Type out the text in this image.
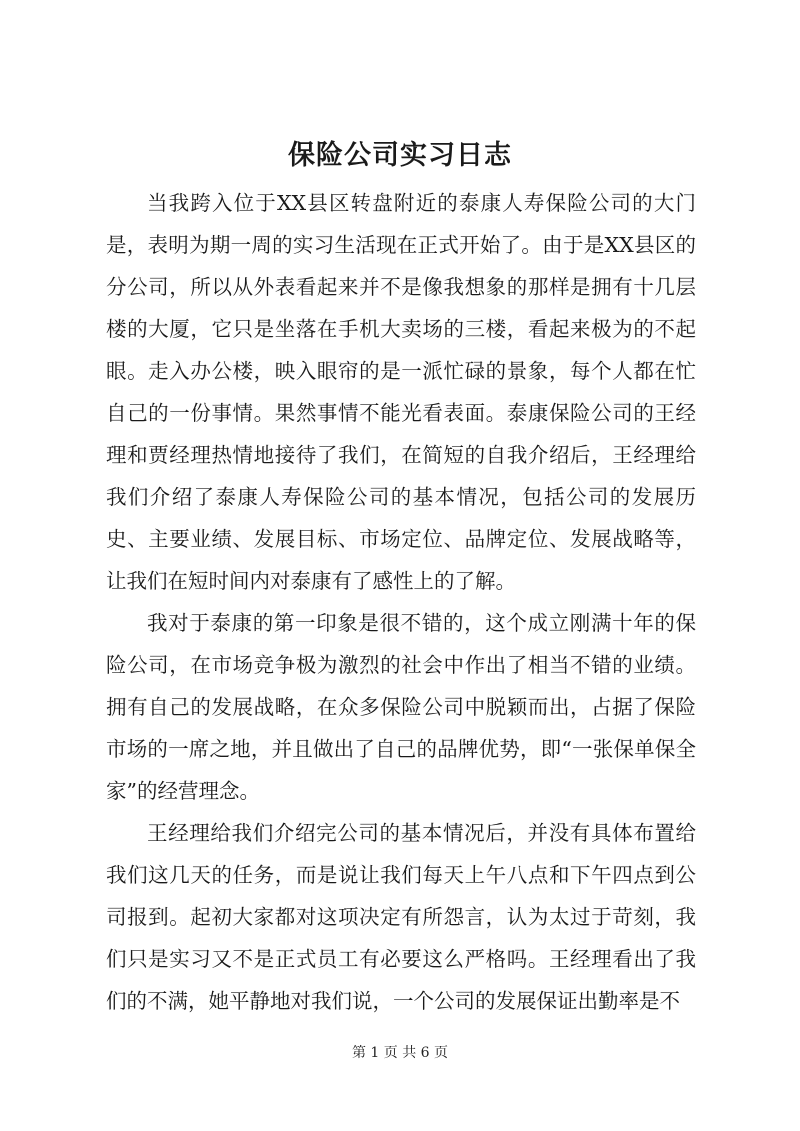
保险公司实习日志

当我跨入位于XX县区转盘附近的泰康人寿保险公司的大门是，表明为期一周的实习生活现在正式开始了。由于是XX县区的分公司，所以从外表看起来并不是像我想象的那样是拥有十几层楼的大厦，它只是坐落在手机大卖场的三楼，看起来极为的不起眼。走入办公楼，映入眼帘的是一派忙碌的景象，每个人都在忙自己的一份事情。果然事情不能光看表面。泰康保险公司的王经理和贾经理热情地接待了我们，在简短的自我介绍后，王经理给我们介绍了泰康人寿保险公司的基本情况，包括公司的发展历史、主要业绩、发展目标、市场定位、品牌定位、发展战略等，让我们在短时间内对泰康有了感性上的了解。

我对于泰康的第一印象是很不错的，这个成立刚满十年的保险公司，在市场竞争极为激烈的社会中作出了相当不错的业绩。拥有自己的发展战略，在众多保险公司中脱颖而出，占据了保险市场的一席之地，并且做出了自己的品牌优势，即“一张保单保全家”的经营理念。

王经理给我们介绍完公司的基本情况后，并没有具体布置给我们这几天的任务，而是说让我们每天上午八点和下午四点到公司报到。起初大家都对这项决定有所怨言，认为太过于苛刻，我们只是实习又不是正式员工有必要这么严格吗。王经理看出了我们的不满，她平静地对我们说，一个公司的发展保证出勤率是不

第 1 页 共 6 页
